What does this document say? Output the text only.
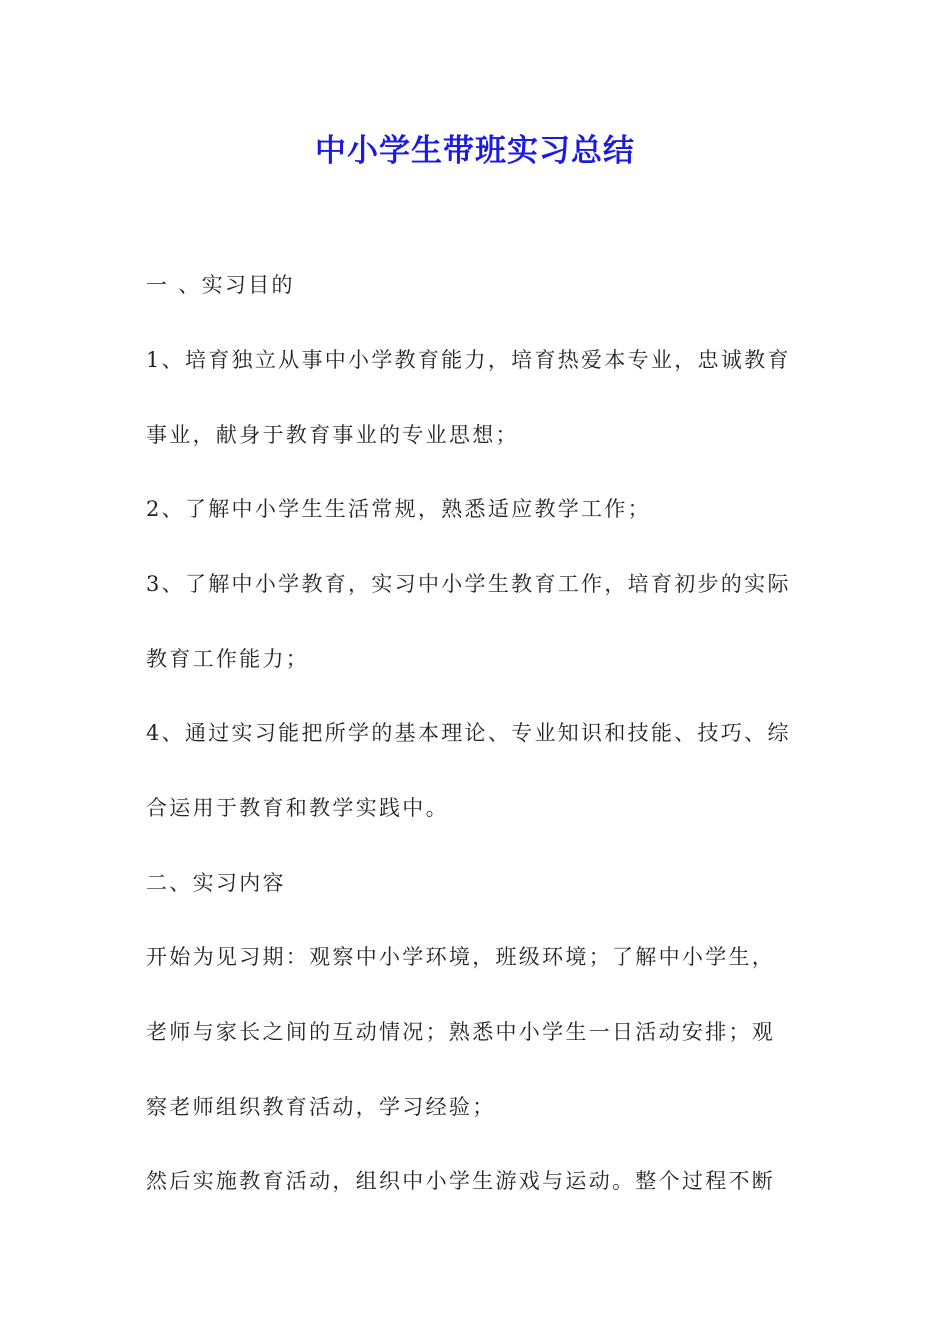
中小学生带班实习总结
一 、实习目的
1、培育独立从事中小学教育能力，培育热爱本专业，忠诚教育
事业，献身于教育事业的专业思想；
2、了解中小学生生活常规，熟悉适应教学工作；
3、了解中小学教育，实习中小学生教育工作，培育初步的实际
教育工作能力；
4、通过实习能把所学的基本理论、专业知识和技能、技巧、综
合运用于教育和教学实践中。
二、实习内容
开始为见习期：观察中小学环境，班级环境；了解中小学生，
老师与家长之间的互动情况；熟悉中小学生一日活动安排；观
察老师组织教育活动，学习经验；
然后实施教育活动，组织中小学生游戏与运动。整个过程不断
